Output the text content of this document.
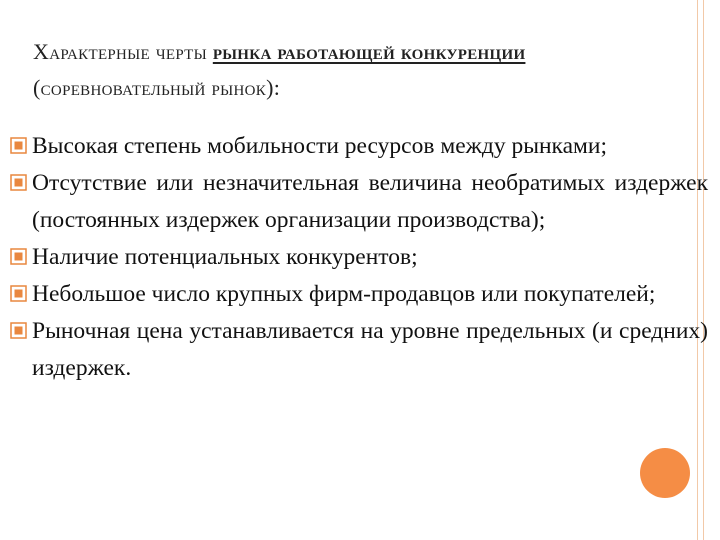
Характерные черты рынка работающей конкуренции (соревновательный рынок):
Высокая степень мобильности ресурсов между рынками;
Отсутствие или незначительная величина необратимых издержек (постоянных издержек организации производства);
Наличие потенциальных конкурентов;
Небольшое число крупных фирм-продавцов или покупателей;
Рыночная цена устанавливается на уровне предельных (и средних) издержек.
